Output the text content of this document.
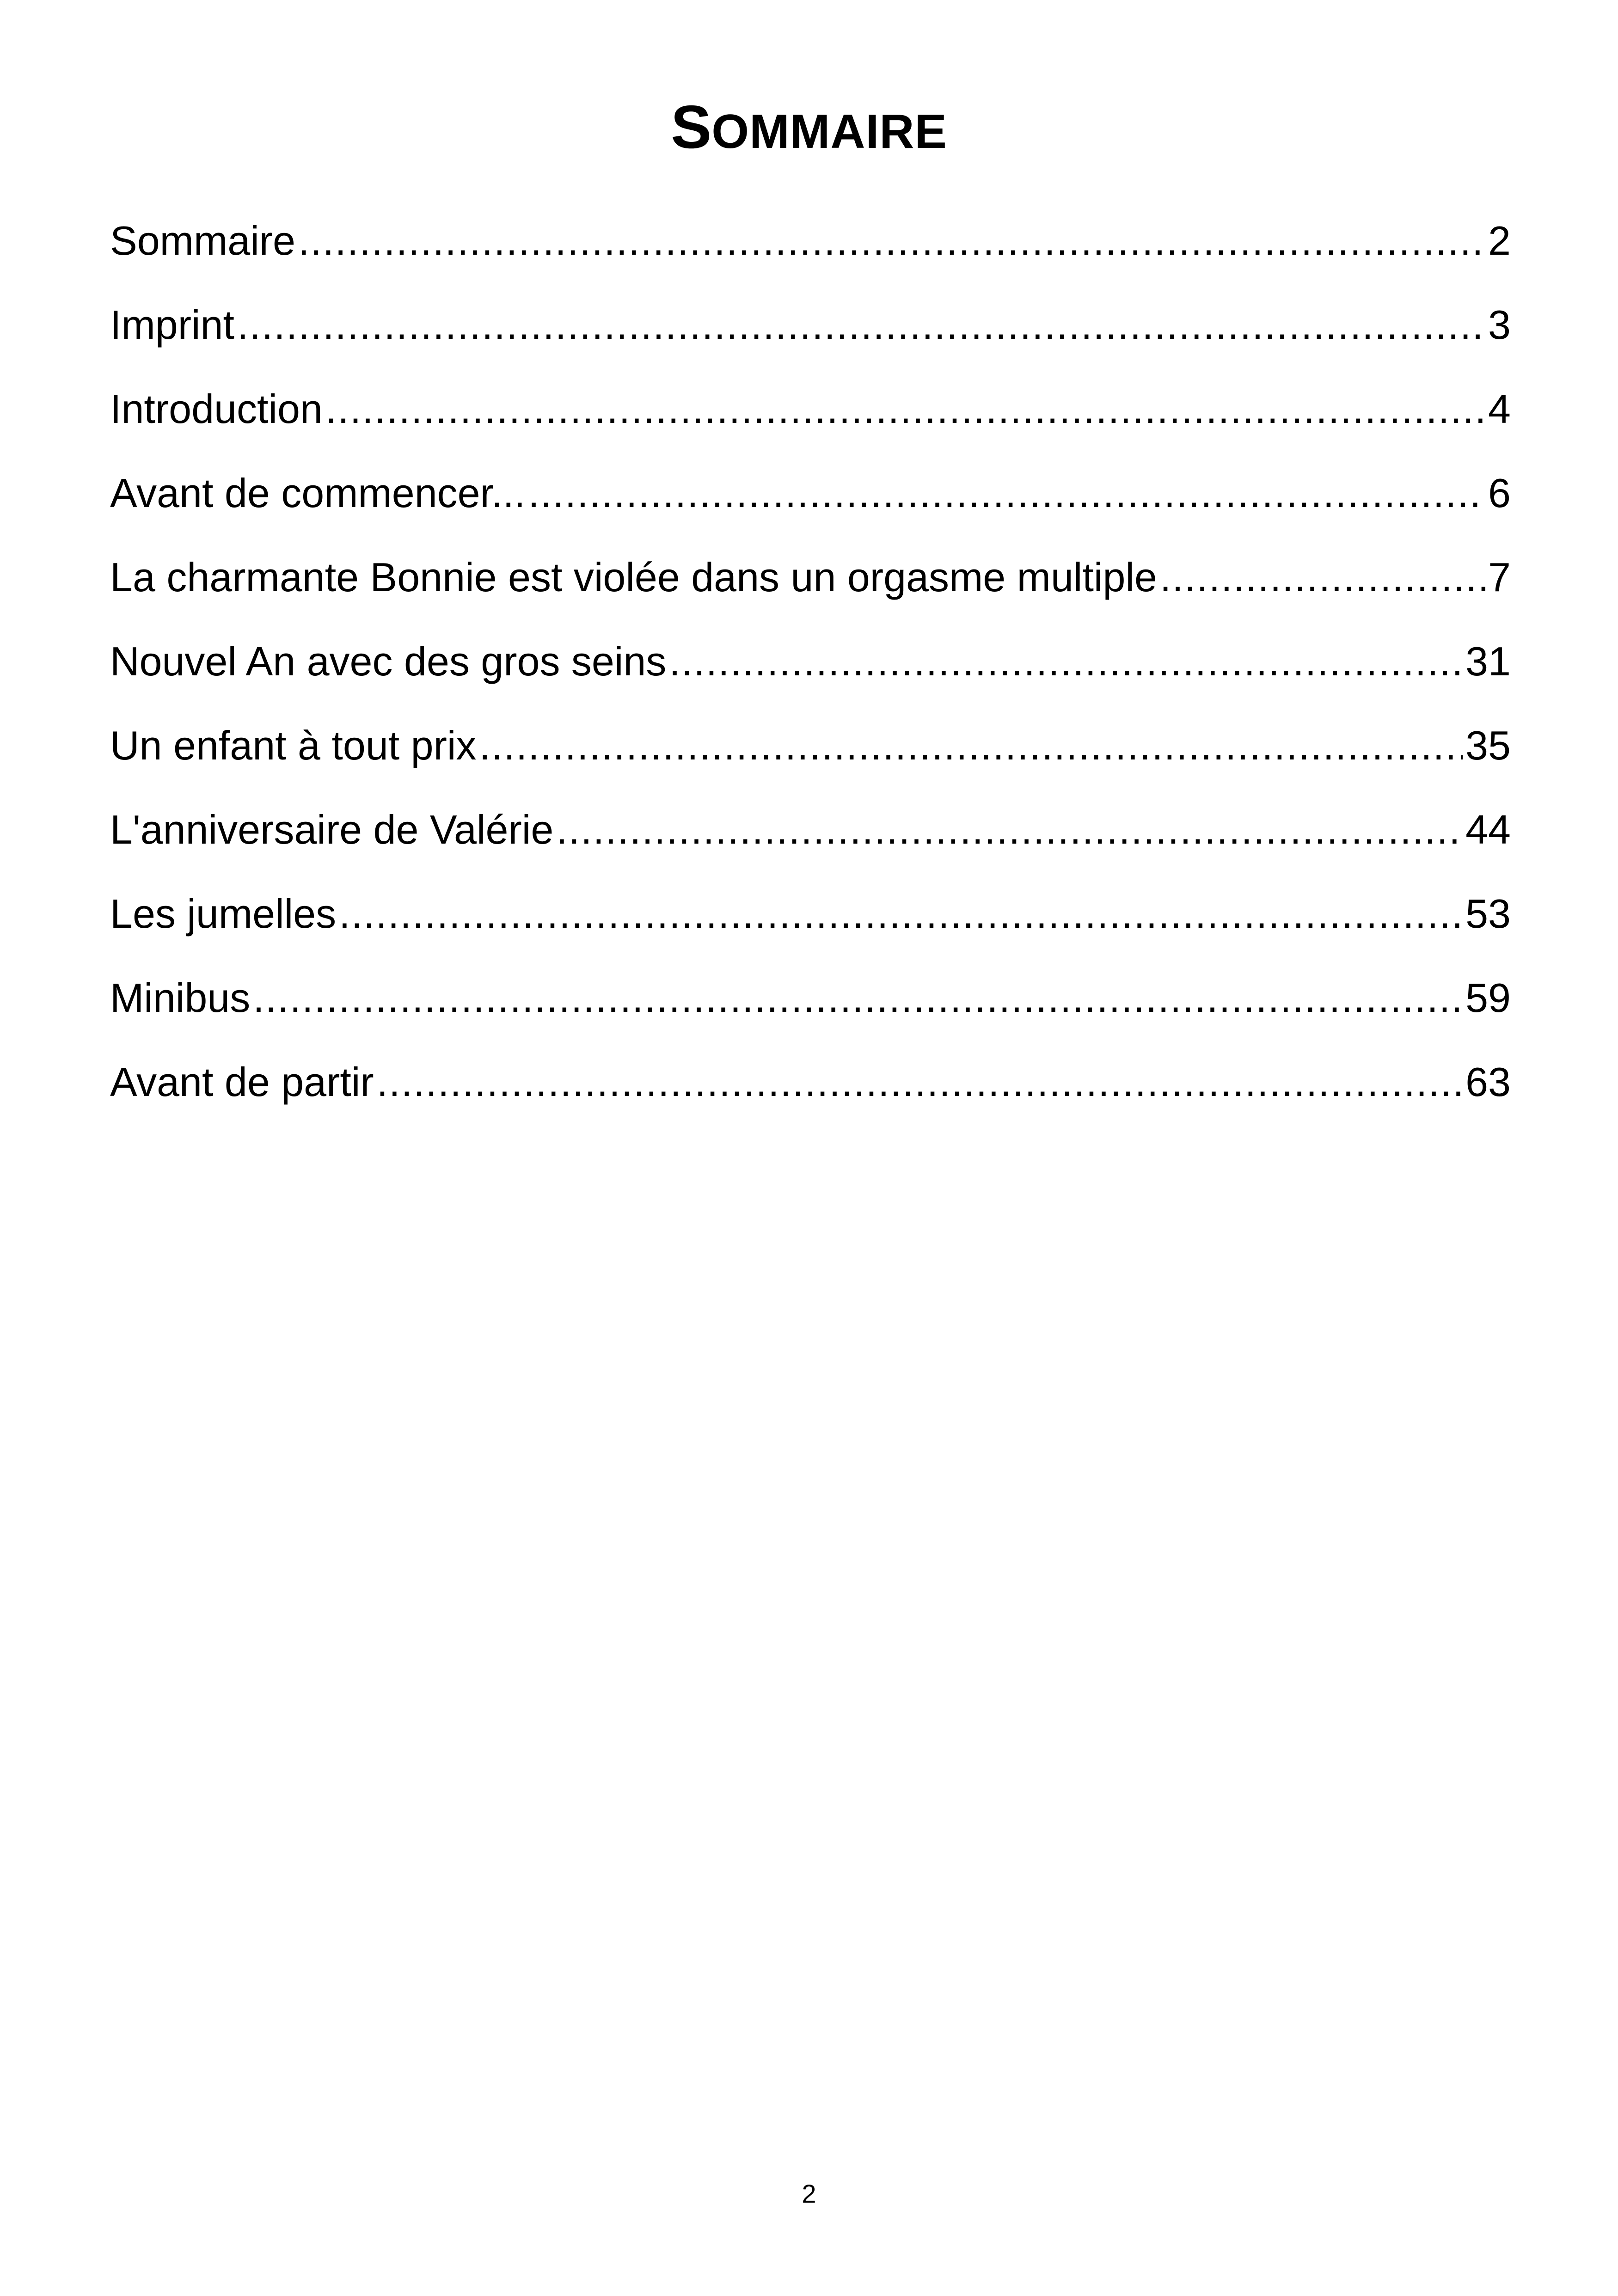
SOMMAIRE
Sommaire .....	2
Imprint .....	3
Introduction .....	4
Avant de commencer... .....	6
La charmante Bonnie est violée dans un orgasme multiple .....	7
Nouvel An avec des gros seins .....	31
Un enfant à tout prix .....	35
L'anniversaire de Valérie .....	44
Les jumelles .....	53
Minibus .....	59
Avant de partir .....	63
2
